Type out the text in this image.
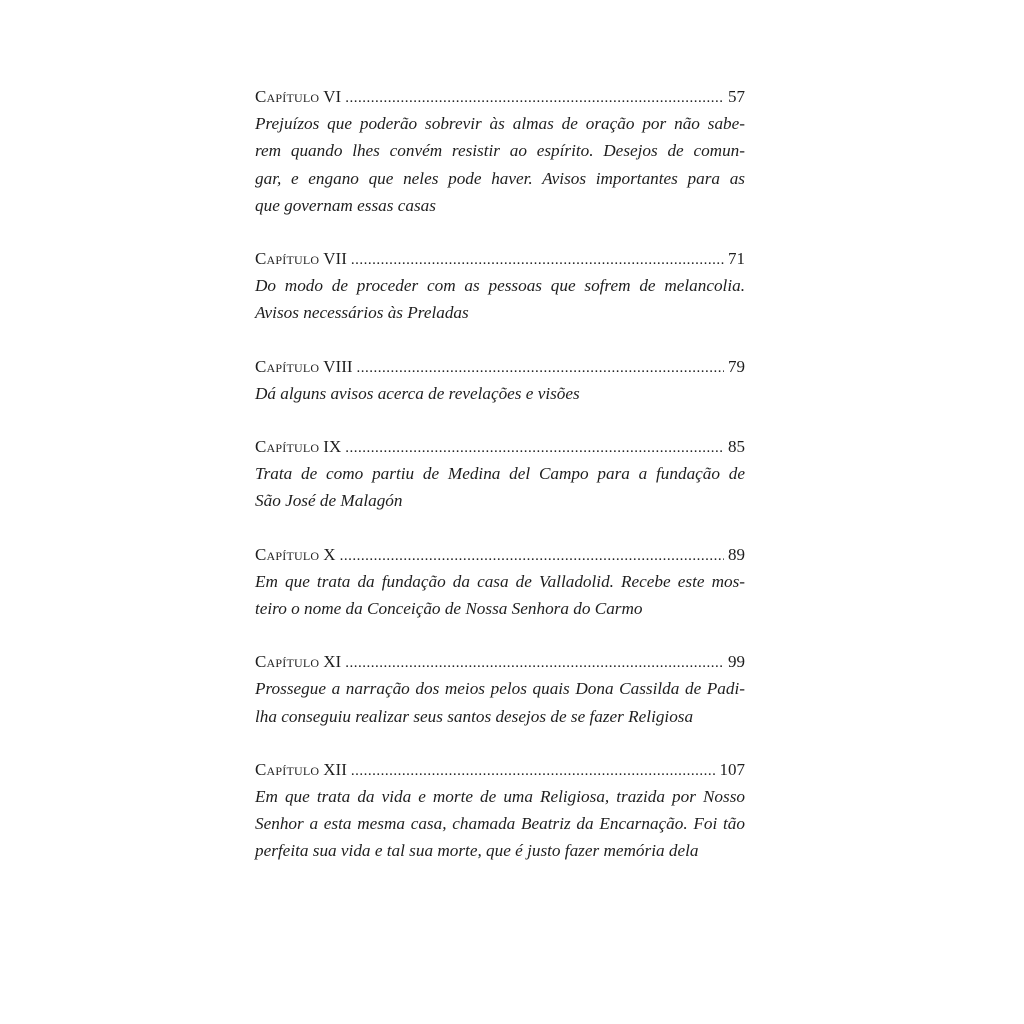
Capítulo VI .....	57
Prejuízos que poderão sobrevir às almas de oração por não sabe-
rem quando lhes convém resistir ao espírito. Desejos de comun-
gar, e engano que neles pode haver. Avisos importantes para as
que governam essas casas
Capítulo VII .....	71
Do modo de proceder com as pessoas que sofrem de melancolia.
Avisos necessários às Preladas
Capítulo VIII .....	79
Dá alguns avisos acerca de revelações e visões
Capítulo IX .....	85
Trata de como partiu de Medina del Campo para a fundação de
São José de Malagón
Capítulo X .....	89
Em que trata da fundação da casa de Valladolid. Recebe este mos-
teiro o nome da Conceição de Nossa Senhora do Carmo
Capítulo XI .....	99
Prossegue a narração dos meios pelos quais Dona Cassilda de Padi-
lha conseguiu realizar seus santos desejos de se fazer Religiosa
Capítulo XII .....	107
Em que trata da vida e morte de uma Religiosa, trazida por Nosso
Senhor a esta mesma casa, chamada Beatriz da Encarnação. Foi tão
perfeita sua vida e tal sua morte, que é justo fazer memória dela
